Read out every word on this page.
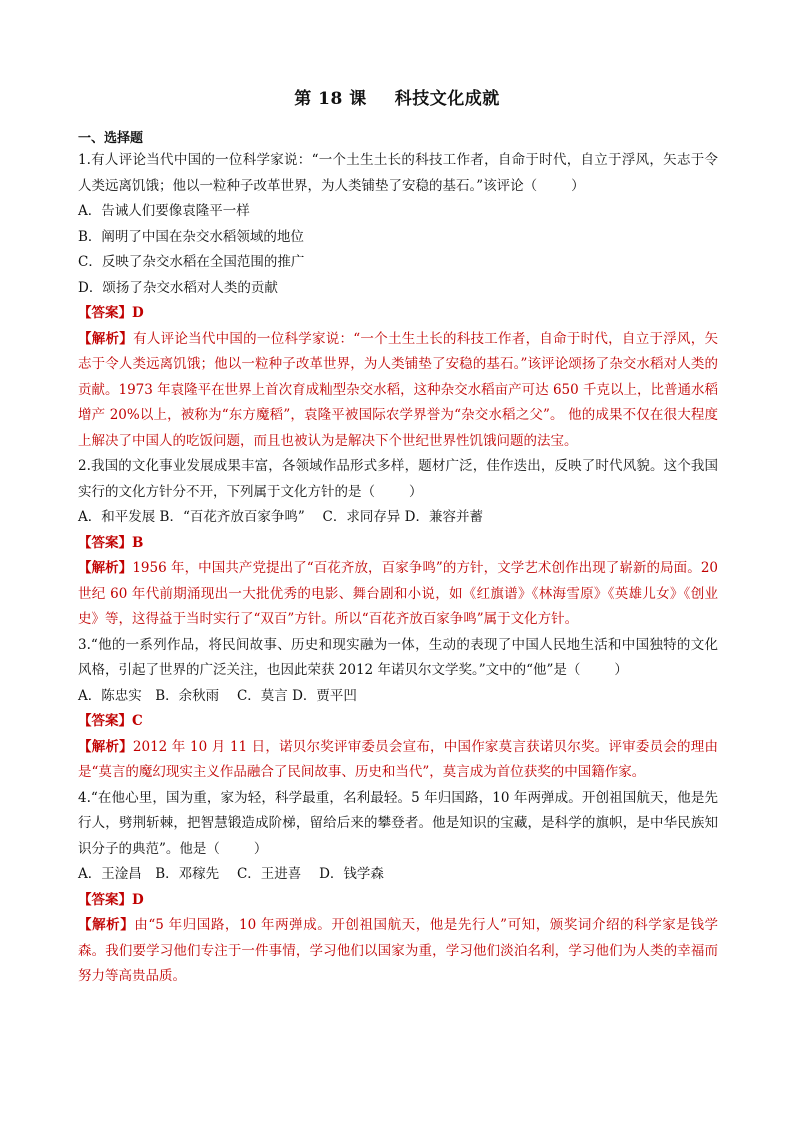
第 18 课 科技文化成就
一、选择题

1.有人评论当代中国的一位科学家说：“一个土生土长的科技工作者，自命于时代，自立于浮风，矢志于令人类远离饥饿；他以一粒种子改革世界，为人类铺垫了安稳的基石。”该评论（	）

A．告诫人们要像袁隆平一样

B．阐明了中国在杂交水稻领域的地位

C．反映了杂交水稻在全国范围的推广

D．颂扬了杂交水稻对人类的贡献

【答案】D

【解析】有人评论当代中国的一位科学家说：“一个土生土长的科技工作者，自命于时代，自立于浮风，矢志于令人类远离饥饿；他以一粒种子改革世界，为人类铺垫了安稳的基石。”该评论颂扬了杂交水稻对人类的贡献。1973 年袁隆平在世界上首次育成籼型杂交水稻，这种杂交水稻亩产可达 650 千克以上，比普通水稻增产 20%以上，被称为“东方魔稻”，袁隆平被国际农学界誉为“杂交水稻之父”。 他的成果不仅在很大程度上解决了中国人的吃饭问题，而且也被认为是解决下个世纪世界性饥饿问题的法宝。

2.我国的文化事业发展成果丰富，各领域作品形式多样，题材广泛，佳作迭出，反映了时代风貌。这个我国实行的文化方针分不开，下列属于文化方针的是（	）

A．和平发展 B．“百花齐放百家争鸣”　 C．求同存异 D．兼容并蓄

【答案】B

【解析】1956 年，中国共产党提出了“百花齐放，百家争鸣”的方针，文学艺术创作出现了崭新的局面。20 世纪 60 年代前期涌现出一大批优秀的电影、舞台剧和小说，如《红旗谱》《林海雪原》《英雄儿女》《创业史》等，这得益于当时实行了“双百”方针。所以“百花齐放百家争鸣”属于文化方针。

3.“他的一系列作品，将民间故事、历史和现实融为一体，生动的表现了中国人民地生活和中国独特的文化风格，引起了世界的广泛关注，也因此荣获 2012 年诺贝尔文学奖。”文中的“他”是（	）

A．陈忠实　B．余秋雨　 C．莫言 D．贾平凹

【答案】C

【解析】2012 年 10 月 11 日，诺贝尔奖评审委员会宣布，中国作家莫言获诺贝尔奖。评审委员会的理由是“莫言的魔幻现实主义作品融合了民间故事、历史和当代”，莫言成为首位获奖的中国籍作家。

4.“在他心里，国为重，家为轻，科学最重，名利最轻。5 年归国路，10 年两弹成。开创祖国航天，他是先行人，劈荆斩棘，把智慧锻造成阶梯，留给后来的攀登者。他是知识的宝藏，是科学的旗帜，是中华民族知识分子的典范”。他是（	）

A．王淦昌　B．邓稼先　 C．王进喜　 D．钱学森

【答案】D

【解析】由“5 年归国路，10 年两弹成。开创祖国航天，他是先行人”可知，颁奖词介绍的科学家是钱学森。我们要学习他们专注于一件事情，学习他们以国家为重，学习他们淡泊名利，学习他们为人类的幸福而努力等高贵品质。
